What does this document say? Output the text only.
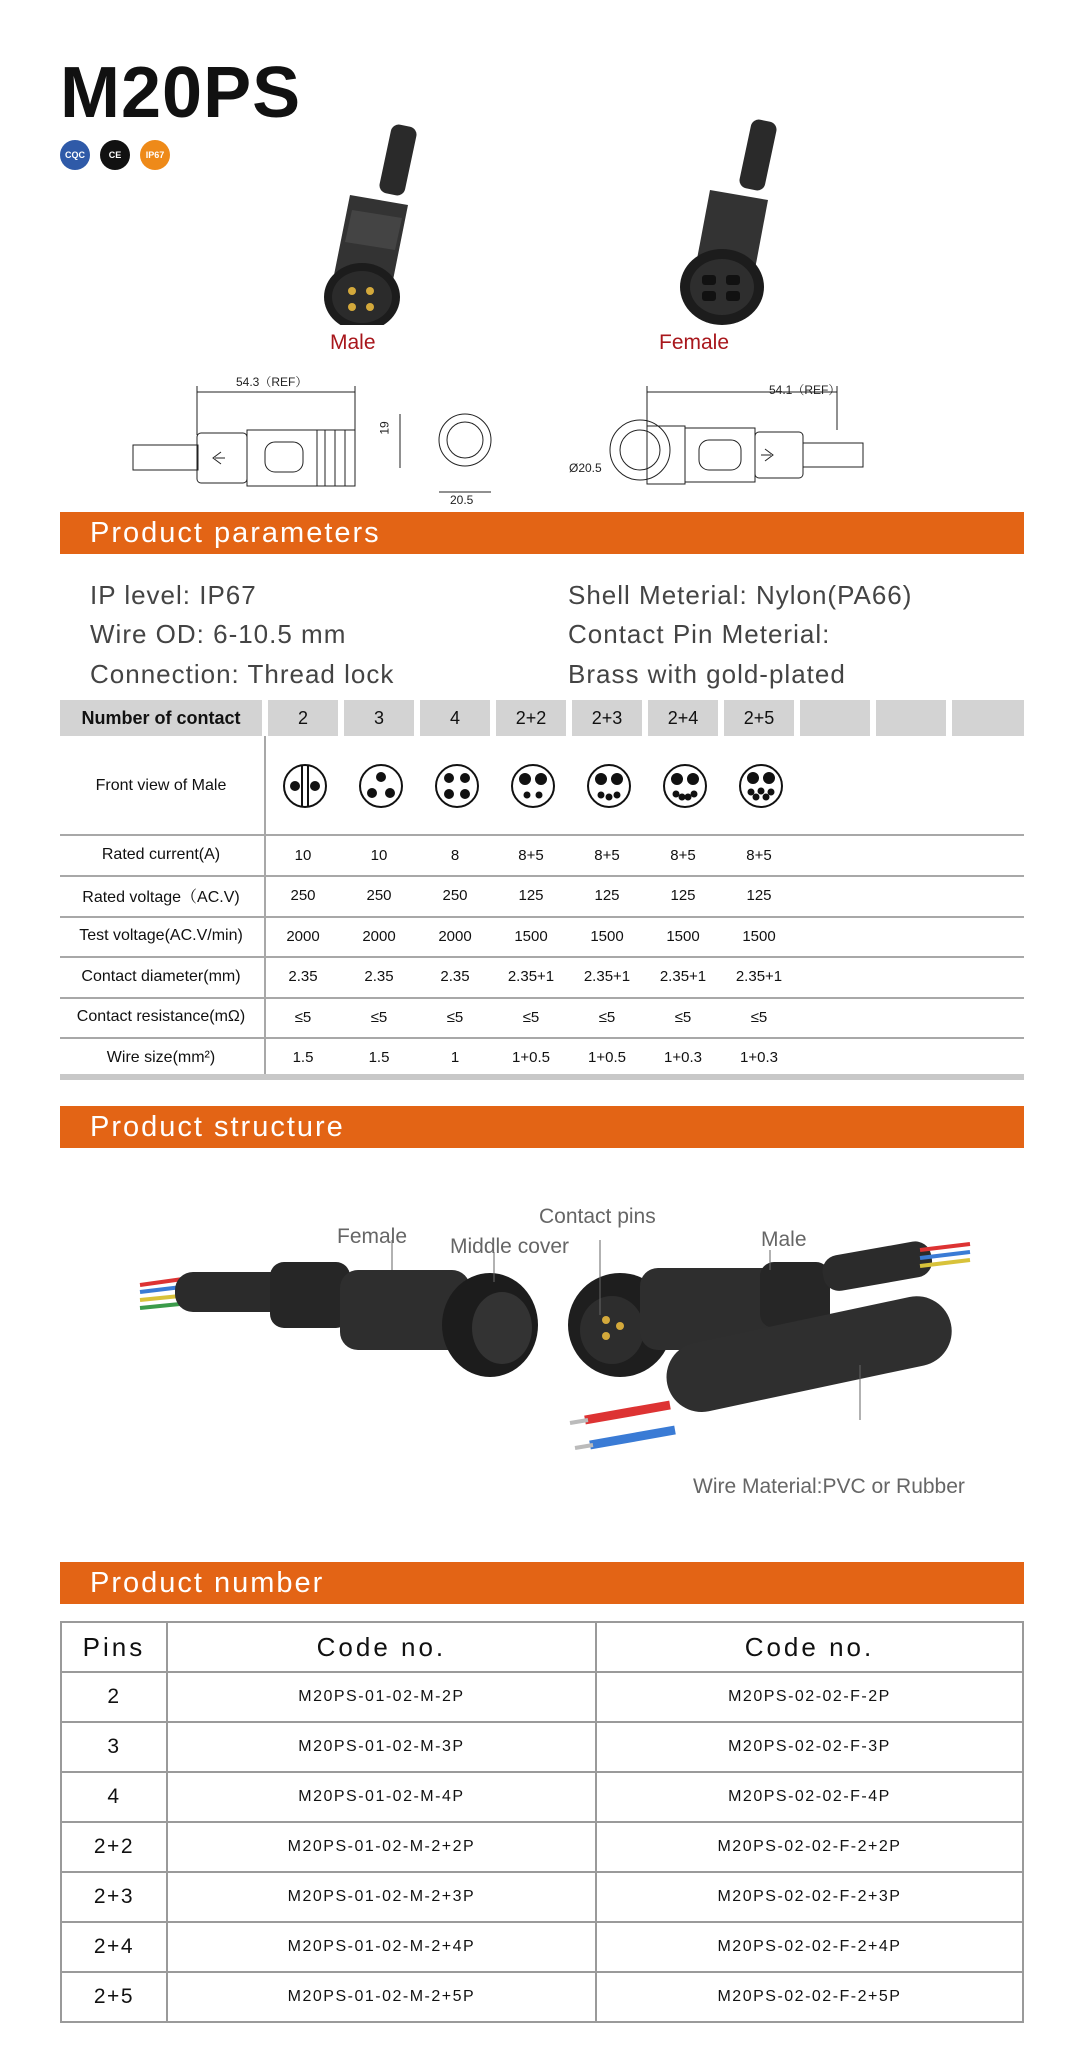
M20PS
CQC	CE	IP67
Male	Female
54.3（REF）
19
20.5
Ø20.5
54.1（REF）
Product parameters
IP level: IP67
Wire OD: 6-10.5 mm
Connection: Thread lock
Shell Meterial: Nylon(PA66)
Contact Pin Meterial:
Brass with gold-plated
Number of contact	2	3	4	2+2	2+3	2+4	2+5
Front view of Male
Rated current(A)	10	10	8	8+5	8+5	8+5	8+5
Rated voltage（AC.V)	250	250	250	125	125	125	125
Test voltage(AC.V/min)	2000	2000	2000	1500	1500	1500	1500
Contact diameter(mm)	2.35	2.35	2.35	2.35+1	2.35+1	2.35+1	2.35+1
Contact resistance(mΩ)	≤5	≤5	≤5	≤5	≤5	≤5	≤5
Wire size(mm²)	1.5	1.5	1	1+0.5	1+0.5	1+0.3	1+0.3
Product structure
Female Middle cover
Contact pins
Male
Wire Material:PVC or Rubber
Product number
Pins	Code no.	Code no.
2	M20PS-01-02-M-2P	M20PS-02-02-F-2P
3	M20PS-01-02-M-3P	M20PS-02-02-F-3P
4	M20PS-01-02-M-4P	M20PS-02-02-F-4P
2+2	M20PS-01-02-M-2+2P	M20PS-02-02-F-2+2P
2+3	M20PS-01-02-M-2+3P	M20PS-02-02-F-2+3P
2+4	M20PS-01-02-M-2+4P	M20PS-02-02-F-2+4P
2+5	M20PS-01-02-M-2+5P	M20PS-02-02-F-2+5P
